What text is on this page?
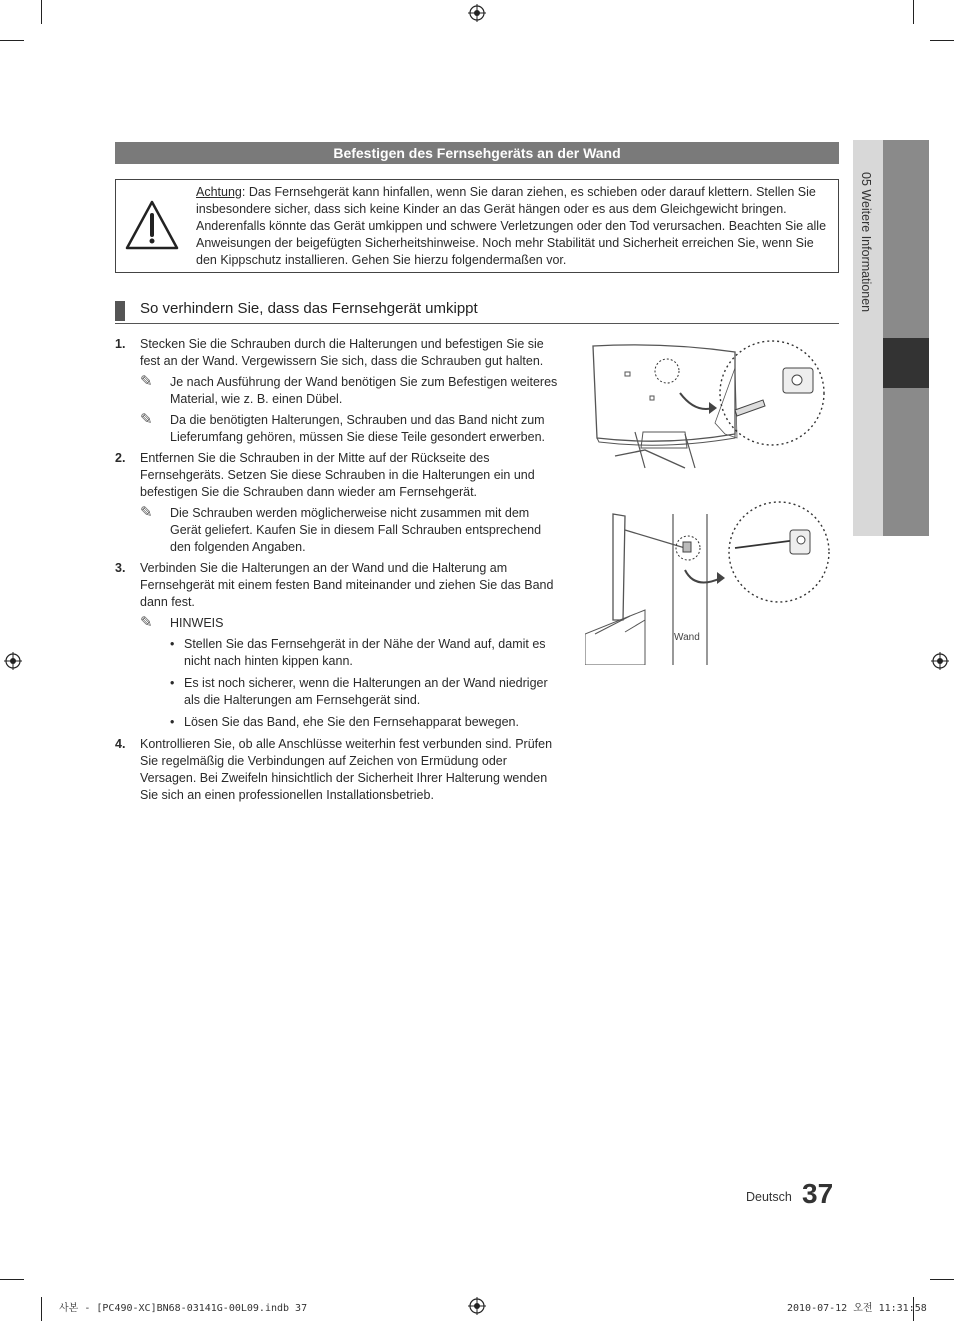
05 Weitere Informationen
Befestigen des Fernsehgeräts an der Wand
Achtung: Das Fernsehgerät kann hinfallen, wenn Sie daran ziehen, es schieben oder darauf klettern. Stellen Sie insbesondere sicher, dass sich keine Kinder an das Gerät hängen oder es aus dem Gleichgewicht bringen. Anderenfalls könnte das Gerät umkippen und schwere Verletzungen oder den Tod verursachen. Beachten Sie alle Anweisungen der beigefügten Sicherheitshinweise. Noch mehr Stabilität und Sicherheit erreichen Sie, wenn Sie den Kippschutz installieren. Gehen Sie hierzu folgendermaßen vor.
So verhindern Sie, dass das Fernsehgerät umkippt
1. Stecken Sie die Schrauben durch die Halterungen und befestigen Sie sie fest an der Wand. Vergewissern Sie sich, dass die Schrauben gut halten.
✎ Je nach Ausführung der Wand benötigen Sie zum Befestigen weiteres Material, wie z. B. einen Dübel.
✎ Da die benötigten Halterungen, Schrauben und das Band nicht zum Lieferumfang gehören, müssen Sie diese Teile gesondert erwerben.
2. Entfernen Sie die Schrauben in der Mitte auf der Rückseite des Fernsehgeräts. Setzen Sie diese Schrauben in die Halterungen ein und befestigen Sie die Schrauben dann wieder am Fernsehgerät.
✎ Die Schrauben werden möglicherweise nicht zusammen mit dem Gerät geliefert. Kaufen Sie in diesem Fall Schrauben entsprechend den folgenden Angaben.
3. Verbinden Sie die Halterungen an der Wand und die Halterung am Fernsehgerät mit einem festen Band miteinander und ziehen Sie das Band dann fest.
✎ HINWEIS
• Stellen Sie das Fernsehgerät in der Nähe der Wand auf, damit es nicht nach hinten kippen kann.
• Es ist noch sicherer, wenn die Halterungen an der Wand niedriger als die Halterungen am Fernsehgerät sind.
• Lösen Sie das Band, ehe Sie den Fernsehapparat bewegen.
4. Kontrollieren Sie, ob alle Anschlüsse weiterhin fest verbunden sind. Prüfen Sie regelmäßig die Verbindungen auf Zeichen von Ermüdung oder Versagen. Bei Zweifeln hinsichtlich der Sicherheit Ihrer Halterung wenden Sie sich an einen professionellen Installationsbetrieb.
Wand
Deutsch 37
사본 - [PC490-XC]BN68-03141G-00L09.indb 37	2010-07-12 오전 11:31:58
